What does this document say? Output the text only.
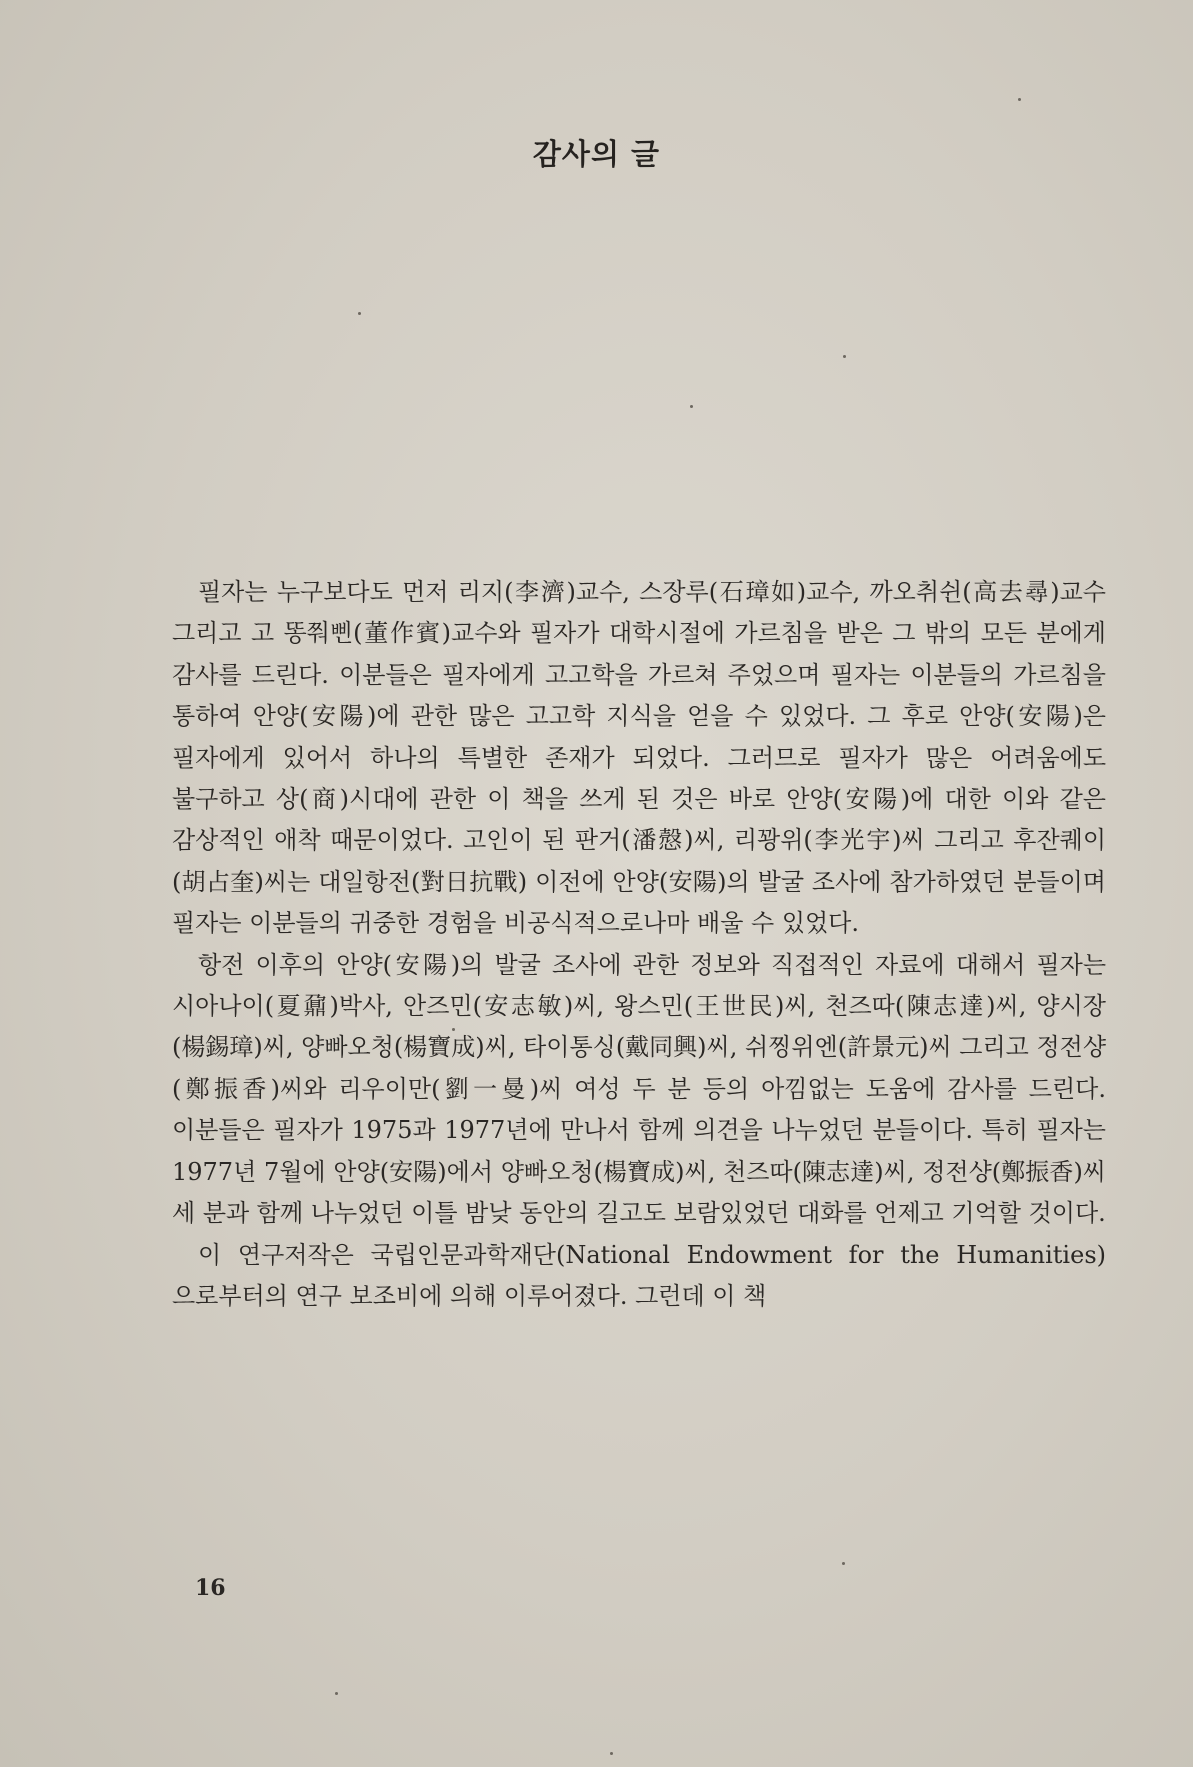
감사의 글

필자는 누구보다도 먼저 리지(李濟)교수, 스장루(石璋如)교수, 까오취쉰(高去尋)교수 그리고 고 똥쭤삔(董作賓)교수와 필자가 대학시절에 가르침을 받은 그 밖의 모든 분에게 감사를 드린다. 이분들은 필자에게 고고학을 가르쳐 주었으며 필자는 이분들의 가르침을 통하여 안양(安陽)에 관한 많은 고고학 지식을 얻을 수 있었다. 그 후로 안양(安陽)은 필자에게 있어서 하나의 특별한 존재가 되었다. 그러므로 필자가 많은 어려움에도 불구하고 상(商)시대에 관한 이 책을 쓰게 된 것은 바로 안양(安陽)에 대한 이와 같은 감상적인 애착 때문이었다. 고인이 된 판거(潘慤)씨, 리꽝위(李光宇)씨 그리고 후잔퀘이(胡占奎)씨는 대일항전(對日抗戰) 이전에 안양(安陽)의 발굴 조사에 참가하였던 분들이며 필자는 이분들의 귀중한 경험을 비공식적으로나마 배울 수 있었다.

항전 이후의 안양(安陽)의 발굴 조사에 관한 정보와 직접적인 자료에 대해서 필자는 시아나이(夏鼐)박사, 안즈민(安志敏)씨, 왕스민(王世民)씨, 천즈따(陳志達)씨, 양시장(楊錫璋)씨, 양빠오청(楊寶成)씨, 타이통싱(戴同興)씨, 쉬찡위엔(許景元)씨 그리고 정전샹(鄭振香)씨와 리우이만(劉一曼)씨 여성 두 분 등의 아낌없는 도움에 감사를 드린다. 이분들은 필자가 1975과 1977년에 만나서 함께 의견을 나누었던 분들이다. 특히 필자는 1977년 7월에 안양(安陽)에서 양빠오청(楊寶成)씨, 천즈따(陳志達)씨, 정전샹(鄭振香)씨 세 분과 함께 나누었던 이틀 밤낮 동안의 길고도 보람있었던 대화를 언제고 기억할 것이다.

이 연구저작은 국립인문과학재단(National Endowment for the Humanities)으로부터의 연구 보조비에 의해 이루어졌다. 그런데 이 책

16
